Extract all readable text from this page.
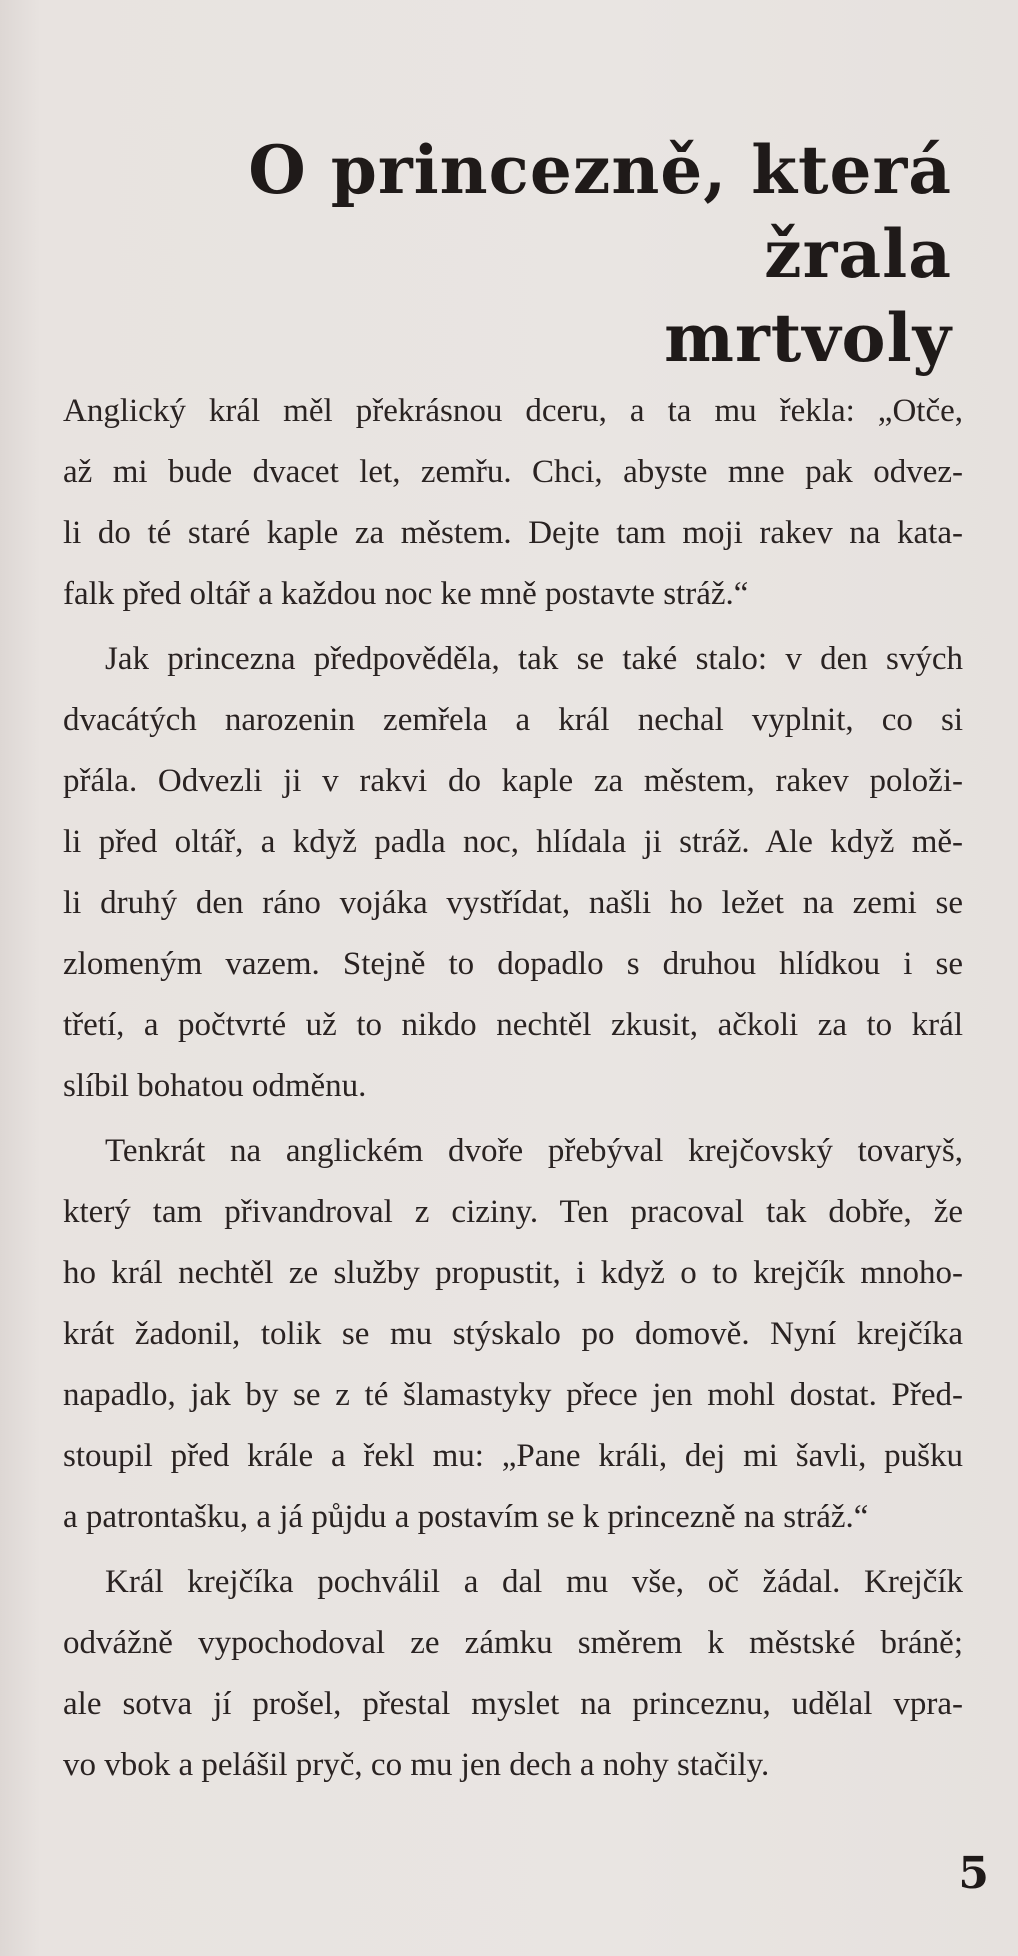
O princezně, která žrala
mrtvoly

Anglický král měl překrásnou dceru, a ta mu řekla: „Otče,
až mi bude dvacet let, zemřu. Chci, abyste mne pak odvez-
li do té staré kaple za městem. Dejte tam moji rakev na kata-
falk před oltář a každou noc ke mně postavte stráž.“

Jak princezna předpověděla, tak se také stalo: v den svých
dvacátých narozenin zemřela a král nechal vyplnit, co si
přála. Odvezli ji v rakvi do kaple za městem, rakev položi-
li před oltář, a když padla noc, hlídala ji stráž. Ale když mě-
li druhý den ráno vojáka vystřídat, našli ho ležet na zemi se
zlomeným vazem. Stejně to dopadlo s druhou hlídkou i se
třetí, a počtvrté už to nikdo nechtěl zkusit, ačkoli za to král
slíbil bohatou odměnu.

Tenkrát na anglickém dvoře přebýval krejčovský tovaryš,
který tam přivandroval z ciziny. Ten pracoval tak dobře, že
ho král nechtěl ze služby propustit, i když o to krejčík mnoho-
krát žadonil, tolik se mu stýskalo po domově. Nyní krejčíka
napadlo, jak by se z té šlamastyky přece jen mohl dostat. Před-
stoupil před krále a řekl mu: „Pane králi, dej mi šavli, pušku
a patrontašku, a já půjdu a postavím se k princezně na stráž.“

Král krejčíka pochválil a dal mu vše, oč žádal. Krejčík
odvážně vypochodoval ze zámku směrem k městské bráně;
ale sotva jí prošel, přestal myslet na princeznu, udělal vpra-
vo vbok a pelášil pryč, co mu jen dech a nohy stačily.

5
